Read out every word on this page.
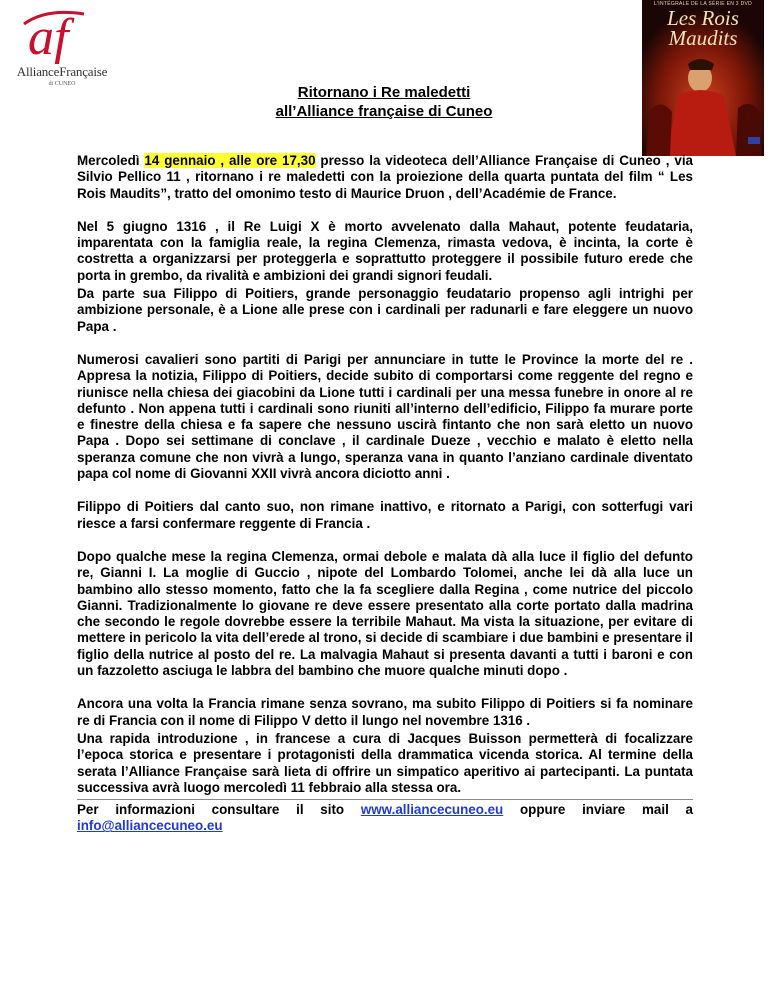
af
AllianceFrançaise
di CUNEO
L'INTÉGRALE DE LA SÉRIE EN 3 DVD
Les Rois
Maudits
Ritornano i Re maledetti
all’Alliance française di Cuneo

Mercoledì 14 gennaio , alle ore 17,30 presso la videoteca dell’Alliance Française di Cuneo , via Silvio Pellico 11 , ritornano i re maledetti con la proiezione della quarta puntata del film “ Les Rois Maudits”, tratto del omonimo testo di Maurice Druon , dell’Académie de France.

Nel 5 giugno 1316 , il Re Luigi X è morto avvelenato dalla Mahaut, potente feudataria, imparentata con la famiglia reale, la regina Clemenza, rimasta vedova, è incinta, la corte è costretta a organizzarsi per proteggerla e soprattutto proteggere il possibile futuro erede che porta in grembo, da rivalità e ambizioni dei grandi signori feudali.

Da parte sua Filippo di Poitiers, grande personaggio feudatario propenso agli intrighi per ambizione personale, è a Lione alle prese con i cardinali per radunarli e fare eleggere un nuovo Papa .

Numerosi cavalieri sono partiti di Parigi per annunciare in tutte le Province la morte del re . Appresa la notizia, Filippo di Poitiers, decide subito di comportarsi come reggente del regno e riunisce nella chiesa dei giacobini da Lione tutti i cardinali per una messa funebre in onore al re defunto . Non appena tutti i cardinali sono riuniti all’interno dell’edificio, Filippo fa murare porte e finestre della chiesa e fa sapere che nessuno uscirà fintanto che non sarà eletto un nuovo Papa . Dopo sei settimane di conclave , il cardinale Dueze , vecchio e malato è eletto nella speranza comune che non vivrà a lungo, speranza vana in quanto l’anziano cardinale diventato papa col nome di Giovanni XXII vivrà ancora diciotto anni .

Filippo di Poitiers dal canto suo, non rimane inattivo, e ritornato a Parigi, con sotterfugi vari riesce a farsi confermare reggente di Francia .

Dopo qualche mese la regina Clemenza, ormai debole e malata dà alla luce il figlio del defunto re, Gianni I. La moglie di Guccio , nipote del Lombardo Tolomei, anche lei dà alla luce un bambino allo stesso momento, fatto che la fa scegliere dalla Regina , come nutrice del piccolo Gianni. Tradizionalmente lo giovane re deve essere presentato alla corte portato dalla madrina che secondo le regole dovrebbe essere la terribile Mahaut. Ma vista la situazione, per evitare di mettere in pericolo la vita dell’erede al trono, si decide di scambiare i due bambini e presentare il figlio della nutrice al posto del re. La malvagia Mahaut si presenta davanti a tutti i baroni e con un fazzoletto asciuga le labbra del bambino che muore qualche minuti dopo .

Ancora una volta la Francia rimane senza sovrano, ma subito Filippo di Poitiers si fa nominare re di Francia con il nome di Filippo V detto il lungo nel novembre 1316 .

Una rapida introduzione , in francese a cura di Jacques Buisson permetterà di focalizzare l’epoca storica e presentare i protagonisti della drammatica vicenda storica. Al termine della serata l’Alliance Française sarà lieta di offrire un simpatico aperitivo ai partecipanti. La puntata successiva avrà luogo mercoledì 11 febbraio alla stessa ora.

Per informazioni consultare il sito www.alliancecuneo.eu oppure inviare mail a info@alliancecuneo.eu
